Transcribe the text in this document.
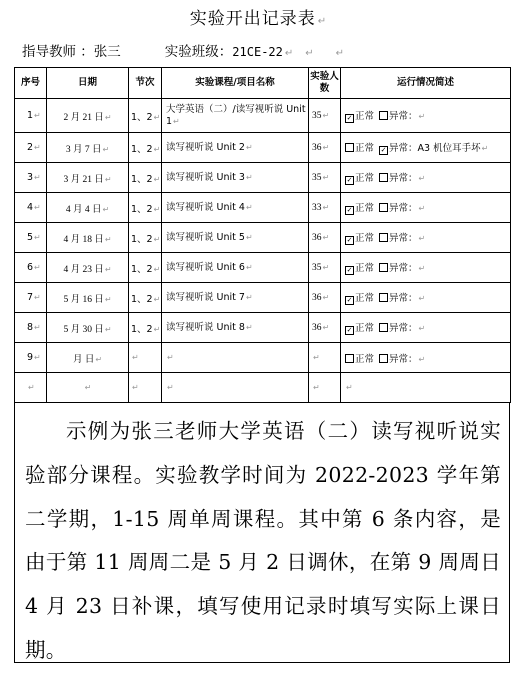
实验开出记录表 ↵
指导教师 ：张三	实验班级：21CE-22 ↵ ↵ ↵
序号	日期	节次	实验课程/项目名称	实验人数	运行情况简述
1↵	2 月 21 日↵	1、2↵	大学英语（二）/读写视听说 Unit 1↵	35↵	✓ 正常 异常：↵
2↵	3 月 7 日↵	1、2↵	读写视听说 Unit 2↵	36↵	正常 ✓ 异常：A3 机位耳手坏↵
3↵	3 月 21 日↵	1、2↵	读写视听说 Unit 3↵	35↵	✓ 正常 异常：↵
4↵	4 月 4 日↵	1、2↵	读写视听说 Unit 4↵	33↵	✓ 正常 异常：↵
5↵	4 月 18 日↵	1、2↵	读写视听说 Unit 5↵	36↵	✓ 正常 异常：↵
6↵	4 月 23 日↵	1、2↵	读写视听说 Unit 6↵	35↵	✓ 正常 异常：↵
7↵	5 月 16 日↵	1、2↵	读写视听说 Unit 7↵	36↵	✓ 正常 异常：↵
8↵	5 月 30 日↵	1、2↵	读写视听说 Unit 8↵	36↵	✓ 正常 异常：↵
9↵	月 日↵	↵	↵	↵	正常 异常：↵
↵	↵	↵	↵	↵	↵

示例为张三老师大学英语（二）读写视听说实验部分课程。实验教学时间为 2022-2023 学年第二学期，1-15 周单周课程。其中第 6 条内容，是由于第 11 周周二是 5 月 2 日调休，在第 9 周周日 4 月 23 日补课，填写使用记录时填写实际上课日期。
